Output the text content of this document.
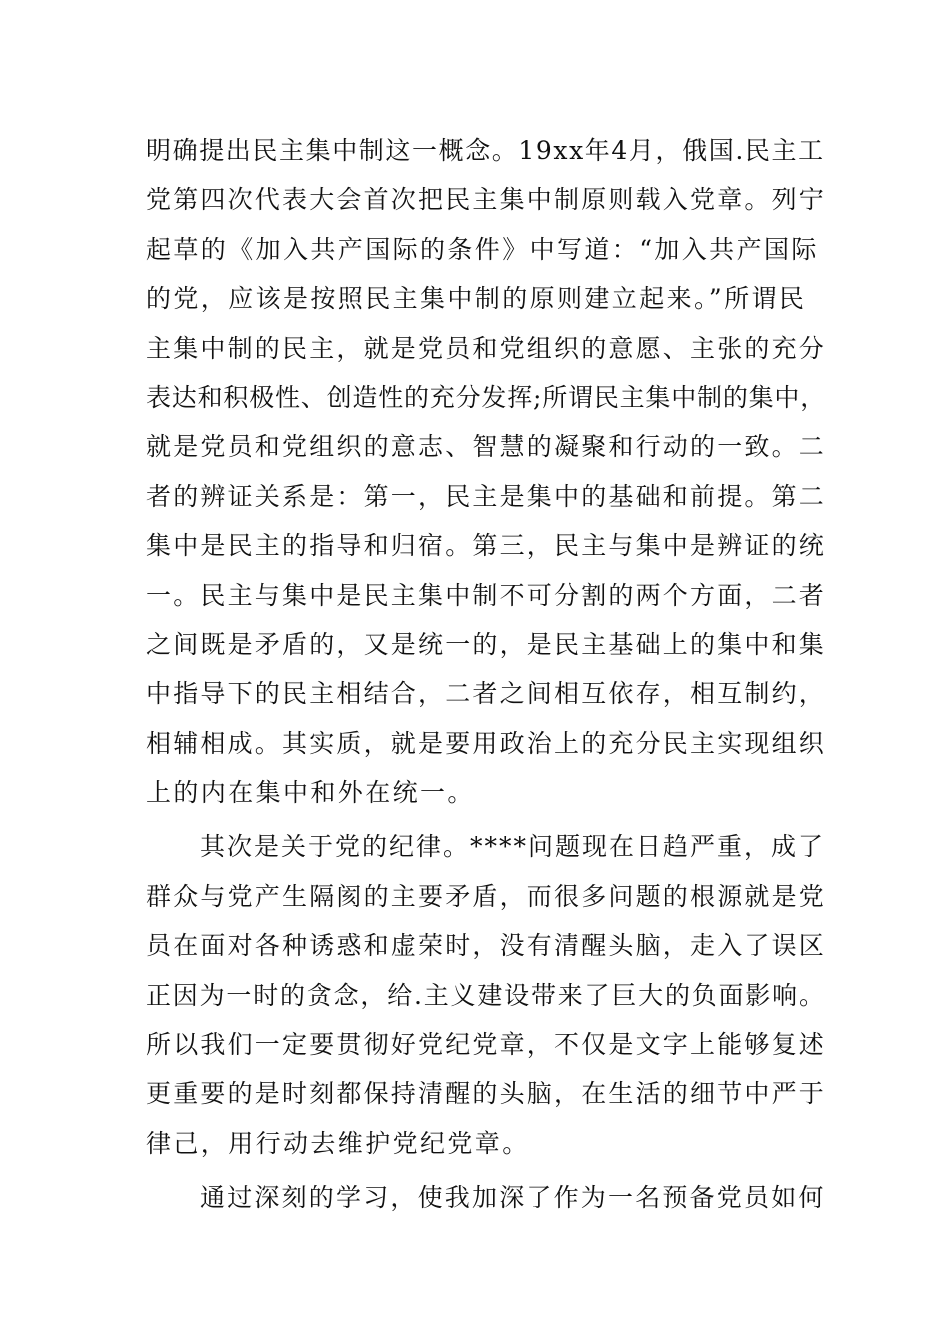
明确提出民主集中制这一概念。19xx年4月，俄国.民主工
党第四次代表大会首次把民主集中制原则载入党章。列宁
起草的《加入共产国际的条件》中写道：“加入共产国际
的党，应该是按照民主集中制的原则建立起来。”所谓民
主集中制的民主，就是党员和党组织的意愿、主张的充分
表达和积极性、创造性的充分发挥;所谓民主集中制的集中，
就是党员和党组织的意志、智慧的凝聚和行动的一致。二
者的辨证关系是：第一，民主是集中的基础和前提。第二
集中是民主的指导和归宿。第三，民主与集中是辨证的统
一。民主与集中是民主集中制不可分割的两个方面，二者
之间既是矛盾的，又是统一的，是民主基础上的集中和集
中指导下的民主相结合，二者之间相互依存，相互制约，
相辅相成。其实质，就是要用政治上的充分民主实现组织
上的内在集中和外在统一。
其次是关于党的纪律。****问题现在日趋严重，成了
群众与党产生隔阂的主要矛盾，而很多问题的根源就是党
员在面对各种诱惑和虚荣时，没有清醒头脑，走入了误区
正因为一时的贪念，给.主义建设带来了巨大的负面影响。
所以我们一定要贯彻好党纪党章，不仅是文字上能够复述
更重要的是时刻都保持清醒的头脑，在生活的细节中严于
律己，用行动去维护党纪党章。
通过深刻的学习，使我加深了作为一名预备党员如何
